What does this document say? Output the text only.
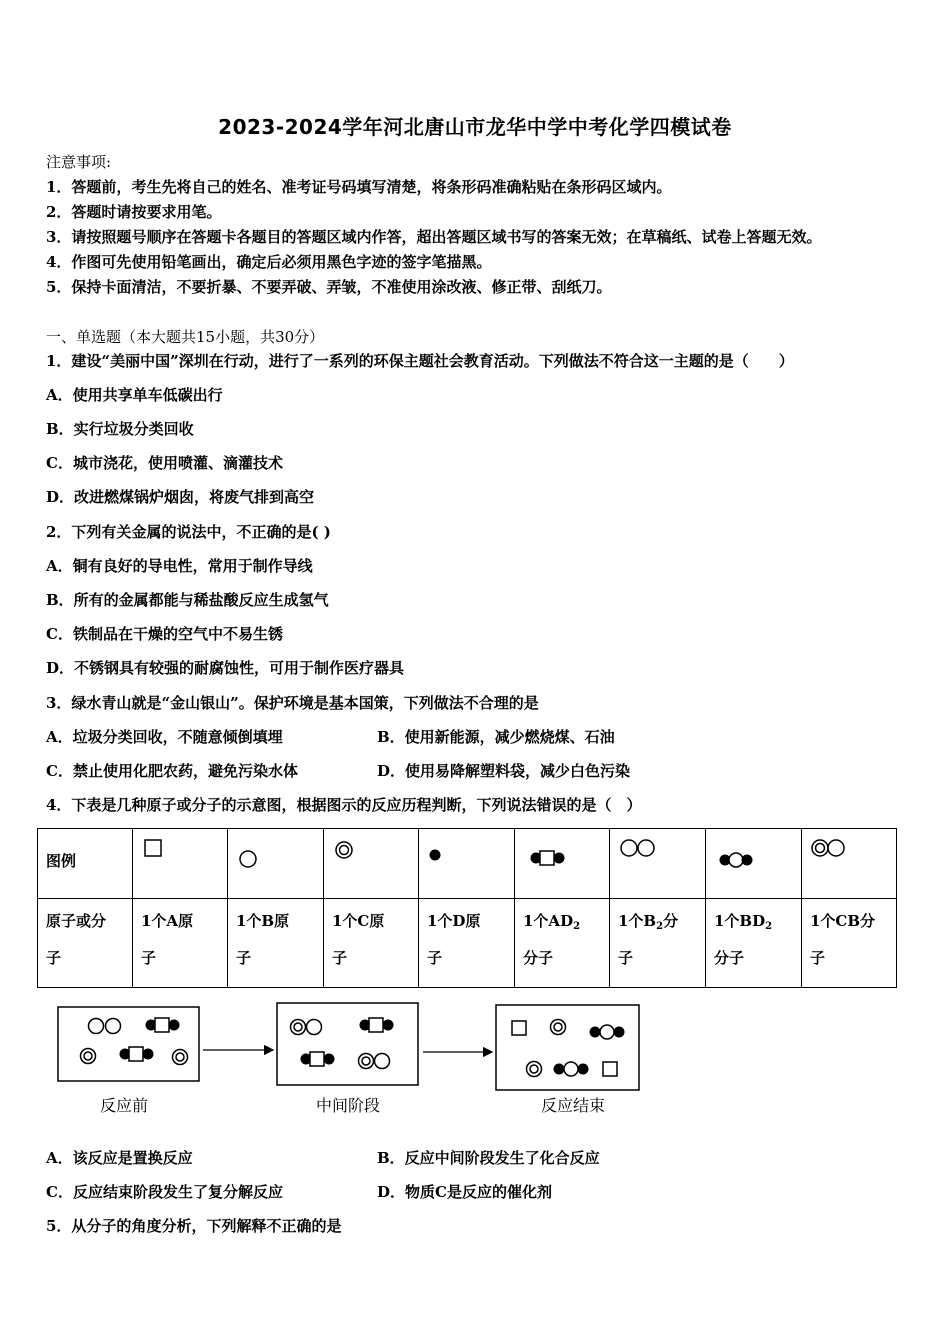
2023-2024学年河北唐山市龙华中学中考化学四模试卷
注意事项:
1．答题前，考生先将自己的姓名、准考证号码填写清楚，将条形码准确粘贴在条形码区域内。
2．答题时请按要求用笔。
3．请按照题号顺序在答题卡各题目的答题区域内作答，超出答题区域书写的答案无效；在草稿纸、试卷上答题无效。
4．作图可先使用铅笔画出，确定后必须用黑色字迹的签字笔描黑。
5．保持卡面清洁，不要折暴、不要弄破、弄皱，不准使用涂改液、修正带、刮纸刀。
一、单选题（本大题共15小题，共30分）
1．建设“美丽中国”深圳在行动，进行了一系列的环保主题社会教育活动。下列做法不符合这一主题的是（　　）
A．使用共享单车低碳出行
B．实行垃圾分类回收
C．城市浇花，使用喷灌、滴灌技术
D．改进燃煤锅炉烟囱，将废气排到高空
2．下列有关金属的说法中，不正确的是( )
A．铜有良好的导电性，常用于制作导线
B．所有的金属都能与稀盐酸反应生成氢气
C．铁制品在干燥的空气中不易生锈
D．不锈钢具有较强的耐腐蚀性，可用于制作医疗器具
3．绿水青山就是“金山银山”。保护环境是基本国策，下列做法不合理的是
A．垃圾分类回收，不随意倾倒填埋	B．使用新能源，减少燃烧煤、石油
C．禁止使用化肥农药，避免污染水体	D．使用易降解塑料袋，减少白色污染
4．下表是几种原子或分子的示意图，根据图示的反应历程判断，下列说法错误的是（　）
图例

原子或分
子	1个A原
子	1个B原
子	1个C原
子	1个D原
子	1个$AD_2$
分子	1个$B_2$分
子	1个$BD_2$
分子	1个CB分
子
反应前	中间阶段	反应结束
A．该反应是置换反应	B．反应中间阶段发生了化合反应
C．反应结束阶段发生了复分解反应	D．物质C是反应的催化剂
5．从分子的角度分析，下列解释不正确的是
